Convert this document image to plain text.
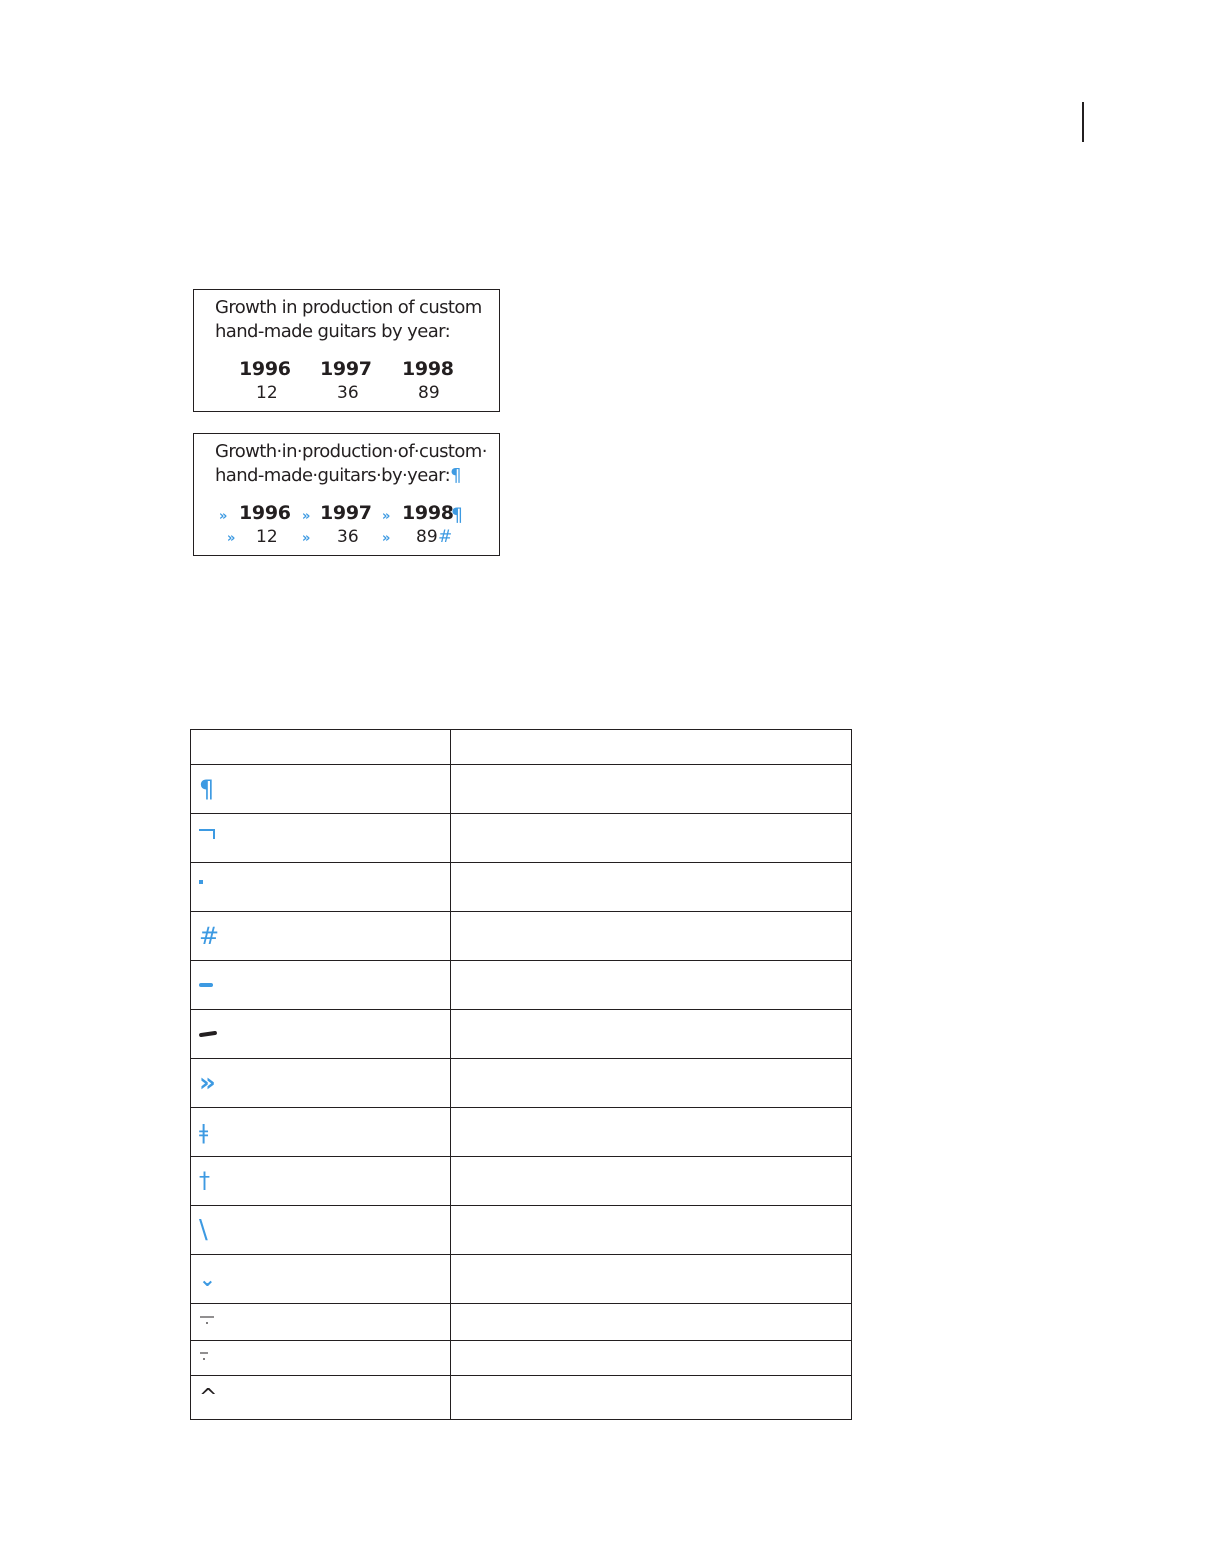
Growth in production of custom
hand-made guitars by year:
1996 1997 1998
12	36	89
Growth·in·production·of·custom·
hand-made·guitars·by·year:¶
» 1996 » 1997 » 1998
¶
» 12 » 36 » 89 #

¶	

#	

»	
ǂ	
†	
\	
⌄	

^	
